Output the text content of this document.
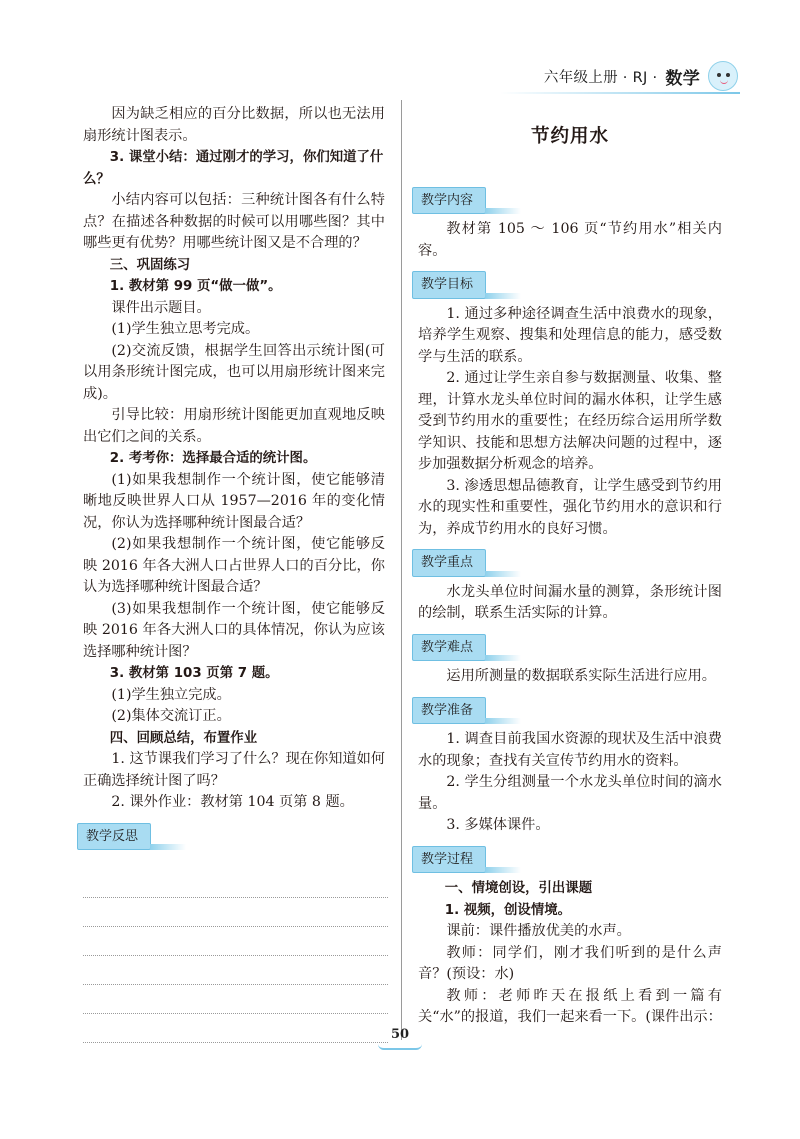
六年级上册 · RJ · 数学
因为缺乏相应的百分比数据，所以也无法用扇形统计图表示。
3. 课堂小结：通过刚才的学习，你们知道了什么？
小结内容可以包括：三种统计图各有什么特点？在描述各种数据的时候可以用哪些图？其中哪些更有优势？用哪些统计图又是不合理的？
三、巩固练习
1. 教材第 99 页“做一做”。
课件出示题目。
(1)学生独立思考完成。
(2)交流反馈，根据学生回答出示统计图(可以用条形统计图完成，也可以用扇形统计图来完成)。
引导比较：用扇形统计图能更加直观地反映出它们之间的关系。
2. 考考你：选择最合适的统计图。
(1)如果我想制作一个统计图，使它能够清晰地反映世界人口从 1957—2016 年的变化情况，你认为选择哪种统计图最合适？
(2)如果我想制作一个统计图，使它能够反映 2016 年各大洲人口占世界人口的百分比，你认为选择哪种统计图最合适？
(3)如果我想制作一个统计图，使它能够反映 2016 年各大洲人口的具体情况，你认为应该选择哪种统计图？
3. 教材第 103 页第 7 题。
(1)学生独立完成。
(2)集体交流订正。
四、回顾总结，布置作业
1. 这节课我们学习了什么？现在你知道如何正确选择统计图了吗？
2. 课外作业：教材第 104 页第 8 题。
教学反思
节约用水
教学内容
教材第 105 ～ 106 页“节约用水”相关内容。
教学目标
1. 通过多种途径调查生活中浪费水的现象，培养学生观察、搜集和处理信息的能力，感受数学与生活的联系。
2. 通过让学生亲自参与数据测量、收集、整理，计算水龙头单位时间的漏水体积，让学生感受到节约用水的重要性；在经历综合运用所学数学知识、技能和思想方法解决问题的过程中，逐步加强数据分析观念的培养。
3. 渗透思想品德教育，让学生感受到节约用水的现实性和重要性，强化节约用水的意识和行为，养成节约用水的良好习惯。
教学重点
水龙头单位时间漏水量的测算，条形统计图的绘制，联系生活实际的计算。
教学难点
运用所测量的数据联系实际生活进行应用。
教学准备
1. 调查目前我国水资源的现状及生活中浪费水的现象；查找有关宣传节约用水的资料。
2. 学生分组测量一个水龙头单位时间的滴水量。
3. 多媒体课件。
教学过程
一、情境创设，引出课题
1. 视频，创设情境。
课前：课件播放优美的水声。
教师：同学们，刚才我们听到的是什么声音？(预设：水)
教师：老师昨天在报纸上看到一篇有关“水”的报道，我们一起来看一下。(课件出示：
50
